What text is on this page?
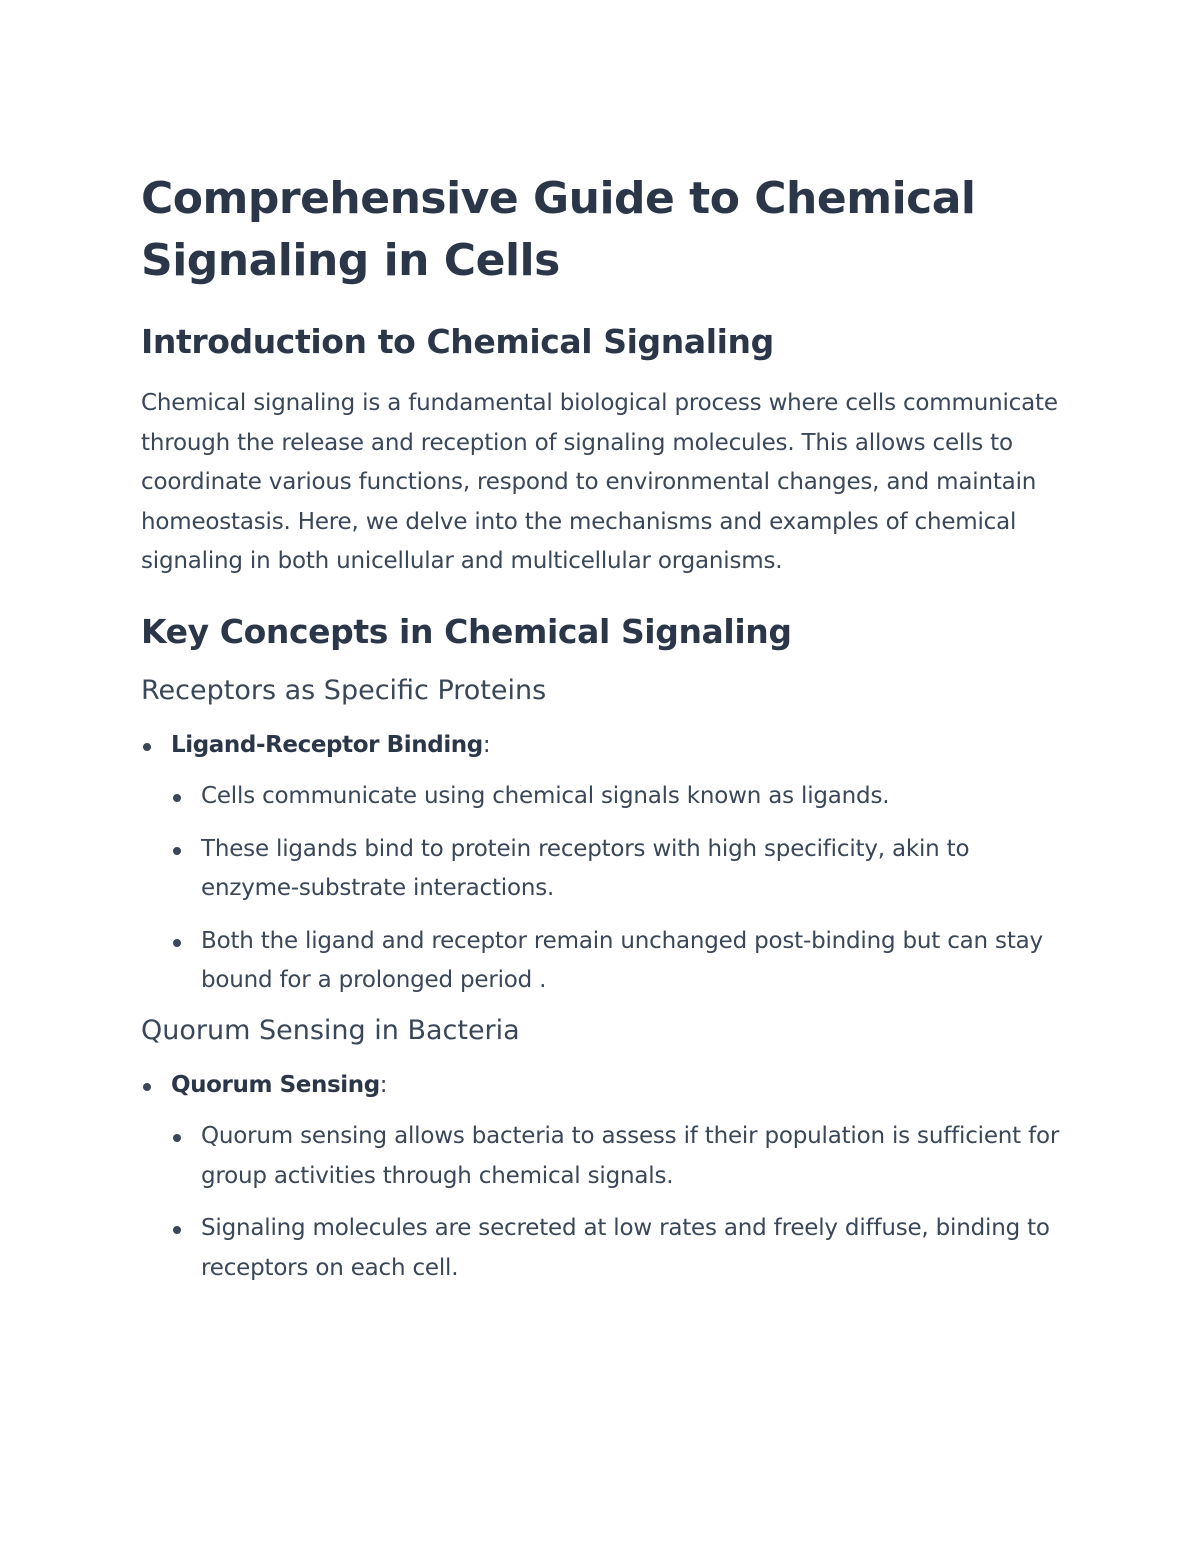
Comprehensive Guide to Chemical Signaling in Cells
Introduction to Chemical Signaling

Chemical signaling is a fundamental biological process where cells communicate through the release and reception of signaling molecules. This allows cells to coordinate various functions, respond to environmental changes, and maintain homeostasis. Here, we delve into the mechanisms and examples of chemical signaling in both unicellular and multicellular organisms.

Key Concepts in Chemical Signaling
Receptors as Specific Proteins
Ligand-Receptor Binding:
Cells communicate using chemical signals known as ligands.
These ligands bind to protein receptors with high specificity, akin to enzyme-substrate interactions.
Both the ligand and receptor remain unchanged post-binding but can stay bound for a prolonged period .
Quorum Sensing in Bacteria
Quorum Sensing:
Quorum sensing allows bacteria to assess if their population is sufficient for group activities through chemical signals.
Signaling molecules are secreted at low rates and freely diffuse, binding to receptors on each cell.
